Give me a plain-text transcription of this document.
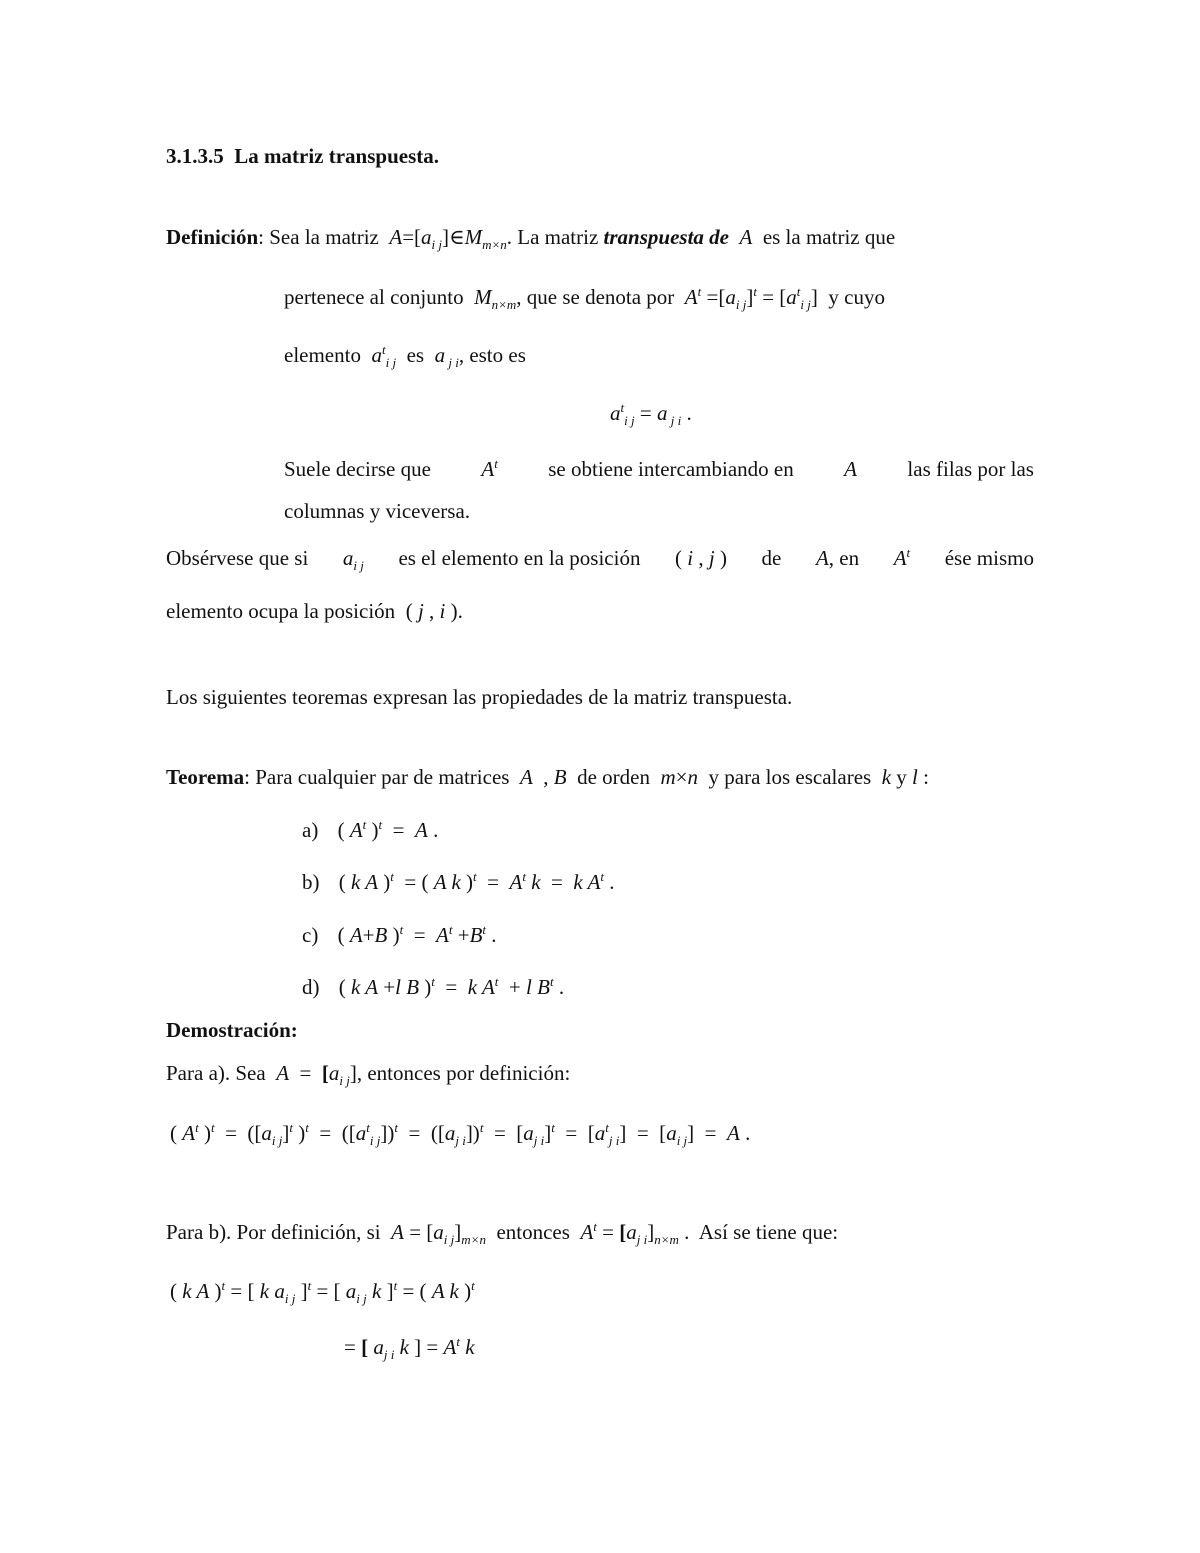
3.1.3.5 La matriz transpuesta.
Definición: Sea la matriz  $A=[a_{i j}]\in M_{m\times n}$. La matriz transpuesta de  A  es la matriz que
pertenece al conjunto  $M_{n\times m}$, que se denota por  $A^t =[a_{i j}]^t = [a^t_{i j}]$ y cuyo
elemento  $a^t_{i j}$ es  a $_{j i}$, esto es
$a^t_{i j} = a$ $_{j i}$ .
Suele decirse que $A^t$ se obtiene intercambiando en A las filas por las
columnas y viceversa.
Obsérvese que si $a_{i j}$ es el elemento en la posición ( i , j ) de A, en $A^t$ ése mismo
elemento ocupa la posición  ( j , i ).
Los siguientes teoremas expresan las propiedades de la matriz transpuesta.
Teorema: Para cualquier par de matrices  A  , B de orden  m×n  y para los escalares  k y l :
a) ( $A^t$ )$^t$  =  A .
b) ( k A )$^t$  = ( A k )$^t = A^t$ k  =  k $A^t$ .
c) ( A+B )$^t = A^t +B^t$ .
d) ( k A +l B )$^t$  =  k $A^t + l$ $B^t$ .
Demostración:
Para a). Sea  $A = [a_{i j}]$, entonces por definición:
( $A^t$ )$^t = ([a_{i j}]^t$ )$^t = ([a^t_{i j}])^t = ([a_{j i}])^t = [a_{j i}]^t = [a^t_{j i}] = [a_{i j}] = A$ .
Para b). Por definición, si  $A = [a_{i j}]_{m\times n}$ entonces  $A^t = [a_{j i}]_{n\times m}$ .  Así se tiene que:
( k A )$^t$ = [ k $a_{i j}$ ]$^t$ = [ $a_{i j}$ k ]$^t$ = ( A k )$^t$
= [ $a_{j i}$ k ] = $A^t$ k
